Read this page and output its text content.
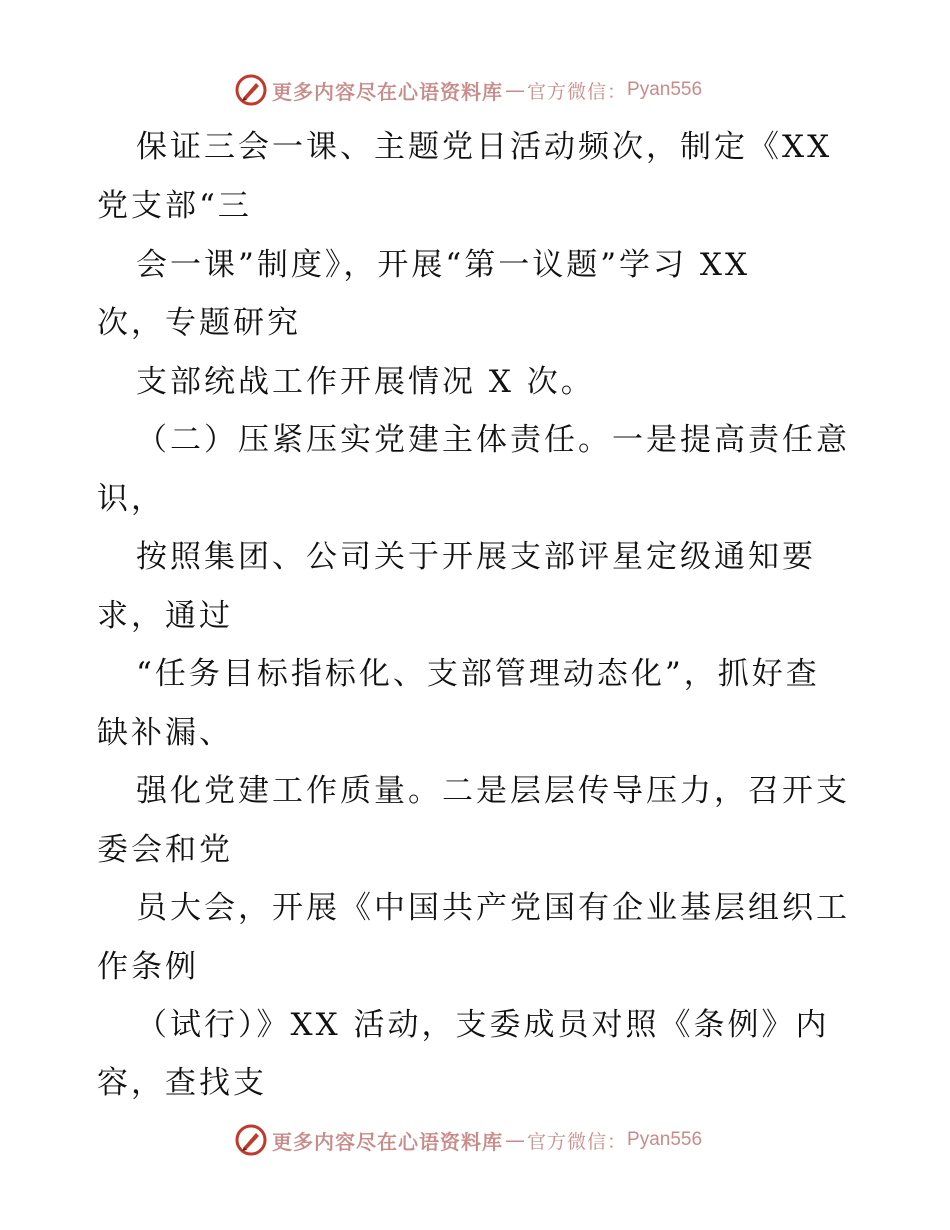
更多内容尽在心语资料库 — 官方微信： Pyan556
保证三会一课、主题党日活动频次，制定《XX
党支部“三
会一课”制度》，开展“第一议题”学习 XX
次，专题研究
支部统战工作开展情况 X 次。
（二）压紧压实党建主体责任。一是提高责任意
识，
按照集团、公司关于开展支部评星定级通知要
求，通过
“任务目标指标化、支部管理动态化”，抓好查
缺补漏、
强化党建工作质量。二是层层传导压力，召开支
委会和党
员大会，开展《中国共产党国有企业基层组织工
作条例
（试行）》XX 活动，支委成员对照《条例》内
容，查找支
更多内容尽在心语资料库 — 官方微信： Pyan556
